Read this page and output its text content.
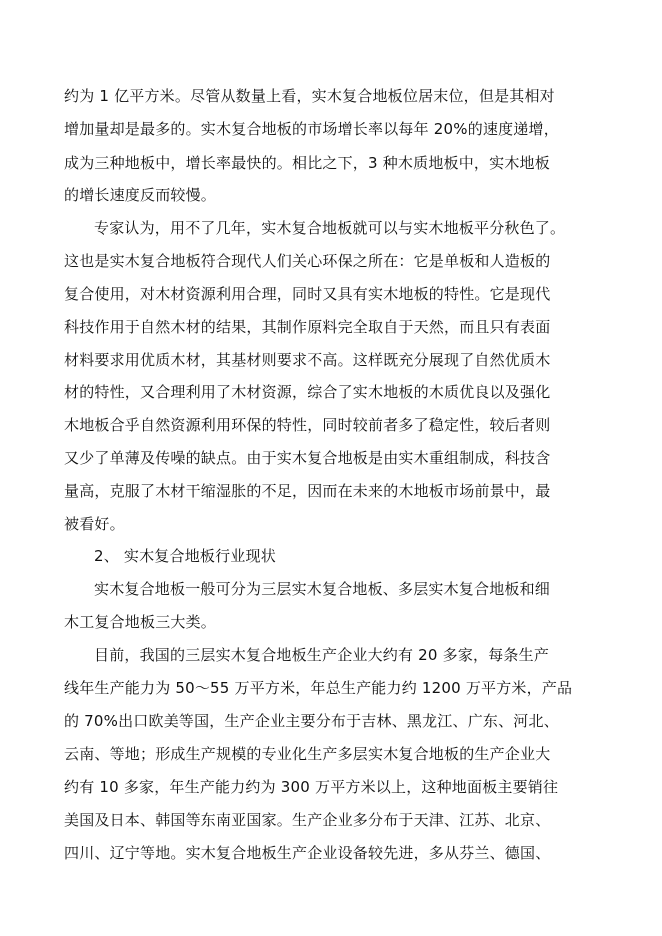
约为 1 亿平方米。尽管从数量上看，实木复合地板位居末位，但是其相对
增加量却是最多的。实木复合地板的市场增长率以每年 20%的速度递增，
成为三种地板中，增长率最快的。相比之下，3 种木质地板中，实木地板
的增长速度反而较慢。
专家认为，用不了几年，实木复合地板就可以与实木地板平分秋色了。
这也是实木复合地板符合现代人们关心环保之所在：它是单板和人造板的
复合使用，对木材资源利用合理，同时又具有实木地板的特性。它是现代
科技作用于自然木材的结果，其制作原料完全取自于天然，而且只有表面
材料要求用优质木材，其基材则要求不高。这样既充分展现了自然优质木
材的特性，又合理利用了木材资源，综合了实木地板的木质优良以及强化
木地板合乎自然资源利用环保的特性，同时较前者多了稳定性，较后者则
又少了单薄及传噪的缺点。由于实木复合地板是由实木重组制成，科技含
量高，克服了木材干缩湿胀的不足，因而在未来的木地板市场前景中，最
被看好。
2、 实木复合地板行业现状
实木复合地板一般可分为三层实木复合地板、多层实木复合地板和细
木工复合地板三大类。
目前，我国的三层实木复合地板生产企业大约有 20 多家，每条生产
线年生产能力为 50～55 万平方米，年总生产能力约 1200 万平方米，产品
的 70%出口欧美等国，生产企业主要分布于吉林、黑龙江、广东、河北、
云南、等地；形成生产规模的专业化生产多层实木复合地板的生产企业大
约有 10 多家，年生产能力约为 300 万平方米以上，这种地面板主要销往
美国及日本、韩国等东南亚国家。生产企业多分布于天津、江苏、北京、
四川、辽宁等地。实木复合地板生产企业设备较先进，多从芬兰、德国、
